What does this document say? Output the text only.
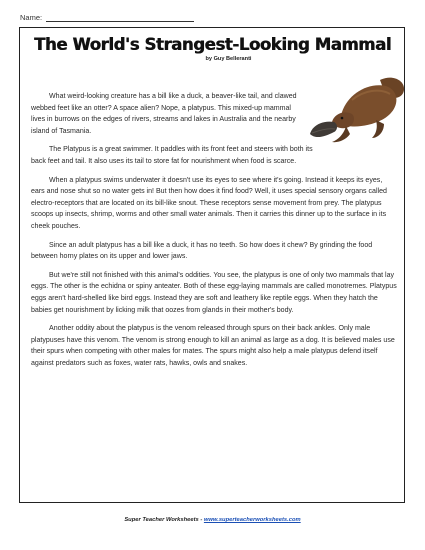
Name:
The World's Strangest-Looking Mammal
by Guy Belleranti

What weird-looking creature has a bill like a duck, a beaver-like tail, and clawed webbed feet like an otter? A space alien? Nope, a platypus. This mixed-up mammal lives in burrows on the edges of rivers, streams and lakes in Australia and the nearby island of Tasmania.

The Platypus is a great swimmer. It paddles with its front feet and steers with both its back feet and tail. It also uses its tail to store fat for nourishment when food is scarce.

When a platypus swims underwater it doesn't use its eyes to see where it's going. Instead it keeps its eyes, ears and nose shut so no water gets in! But then how does it find food? Well, it uses special sensory organs called electro-receptors that are located on its bill-like snout. These receptors sense movement from prey. The platypus scoops up insects, shrimp, worms and other small water animals. Then it carries this dinner up to the surface in its cheek pouches.

Since an adult platypus has a bill like a duck, it has no teeth. So how does it chew? By grinding the food between horny plates on its upper and lower jaws.

But we're still not finished with this animal's oddities. You see, the platypus is one of only two mammals that lay eggs. The other is the echidna or spiny anteater. Both of these egg-laying mammals are called monotremes. Platypus eggs aren't hard-shelled like bird eggs. Instead they are soft and leathery like reptile eggs. When they hatch the babies get nourishment by licking milk that oozes from glands in their mother's body.

Another oddity about the platypus is the venom released through spurs on their back ankles. Only male platypuses have this venom. The venom is strong enough to kill an animal as large as a dog. It is believed males use their spurs when competing with other males for mates. The spurs might also help a male platypus defend itself against predators such as foxes, water rats, hawks, owls and snakes.

Super Teacher Worksheets - www.superteacherworksheets.com
